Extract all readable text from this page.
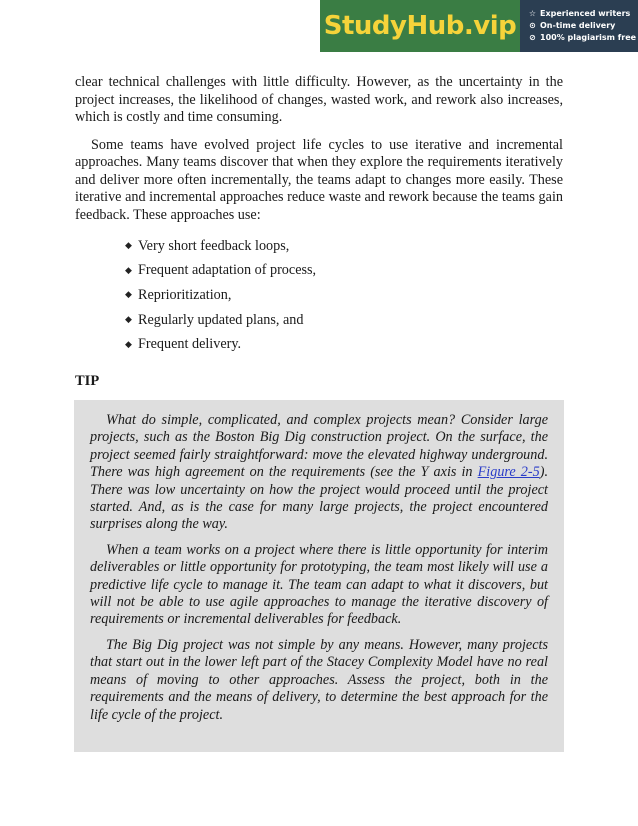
StudyHub.vip ☆ Experienced writers
⊙ On-time delivery
⊘ 100% plagiarism free

clear technical challenges with little difficulty. However, as the uncertainty in the project increases, the likelihood of changes, wasted work, and rework also increases, which is costly and time consuming.

Some teams have evolved project life cycles to use iterative and incremental approaches. Many teams discover that when they explore the requirements iteratively and deliver more often incrementally, the teams adapt to changes more easily. These iterative and incremental approaches reduce waste and rework because the teams gain feedback. These approaches use:

◆ Very short feedback loops,
◆ Frequent adaptation of process,
◆ Reprioritization,
◆ Regularly updated plans, and
◆ Frequent delivery.
TIP

What do simple, complicated, and complex projects mean? Consider large projects, such as the Boston Big Dig construction project. On the surface, the project seemed fairly straightforward: move the elevated highway underground. There was high agreement on the requirements (see the Y axis in Figure 2-5). There was low uncertainty on how the project would proceed until the project started. And, as is the case for many large projects, the project encountered surprises along the way.

When a team works on a project where there is little opportunity for interim deliverables or little opportunity for prototyping, the team most likely will use a predictive life cycle to manage it. The team can adapt to what it discovers, but will not be able to use agile approaches to manage the iterative discovery of requirements or incremental deliverables for feedback.

The Big Dig project was not simple by any means. However, many projects that start out in the lower left part of the Stacey Complexity Model have no real means of moving to other approaches. Assess the project, both in the requirements and the means of delivery, to determine the best approach for the life cycle of the project.
